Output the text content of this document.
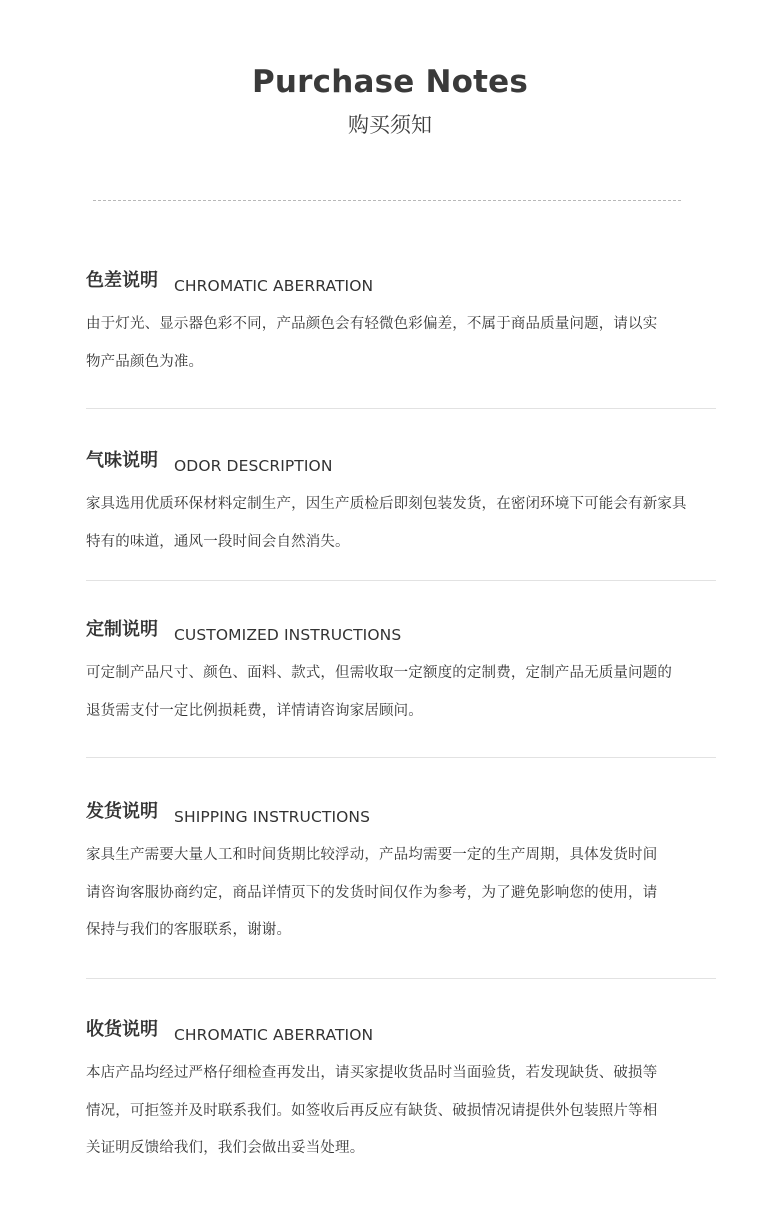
Purchase Notes
购买须知
色差说明 CHROMATIC ABERRATION
由于灯光、显示器色彩不同，产品颜色会有轻微色彩偏差，不属于商品质量问题，请以实
物产品颜色为准。
气味说明 ODOR DESCRIPTION
家具选用优质环保材料定制生产，因生产质检后即刻包装发货，在密闭环境下可能会有新家具
特有的味道，通风一段时间会自然消失。
定制说明 CUSTOMIZED INSTRUCTIONS
可定制产品尺寸、颜色、面料、款式，但需收取一定额度的定制费，定制产品无质量问题的
退货需支付一定比例损耗费，详情请咨询家居顾问。
发货说明 SHIPPING INSTRUCTIONS
家具生产需要大量人工和时间货期比较浮动，产品均需要一定的生产周期，具体发货时间
请咨询客服协商约定，商品详情页下的发货时间仅作为参考，为了避免影响您的使用，请
保持与我们的客服联系，谢谢。
收货说明 CHROMATIC ABERRATION
本店产品均经过严格仔细检查再发出，请买家提收货品时当面验货，若发现缺货、破损等
情况，可拒签并及时联系我们。如签收后再反应有缺货、破损情况请提供外包装照片等相
关证明反馈给我们，我们会做出妥当处理。
